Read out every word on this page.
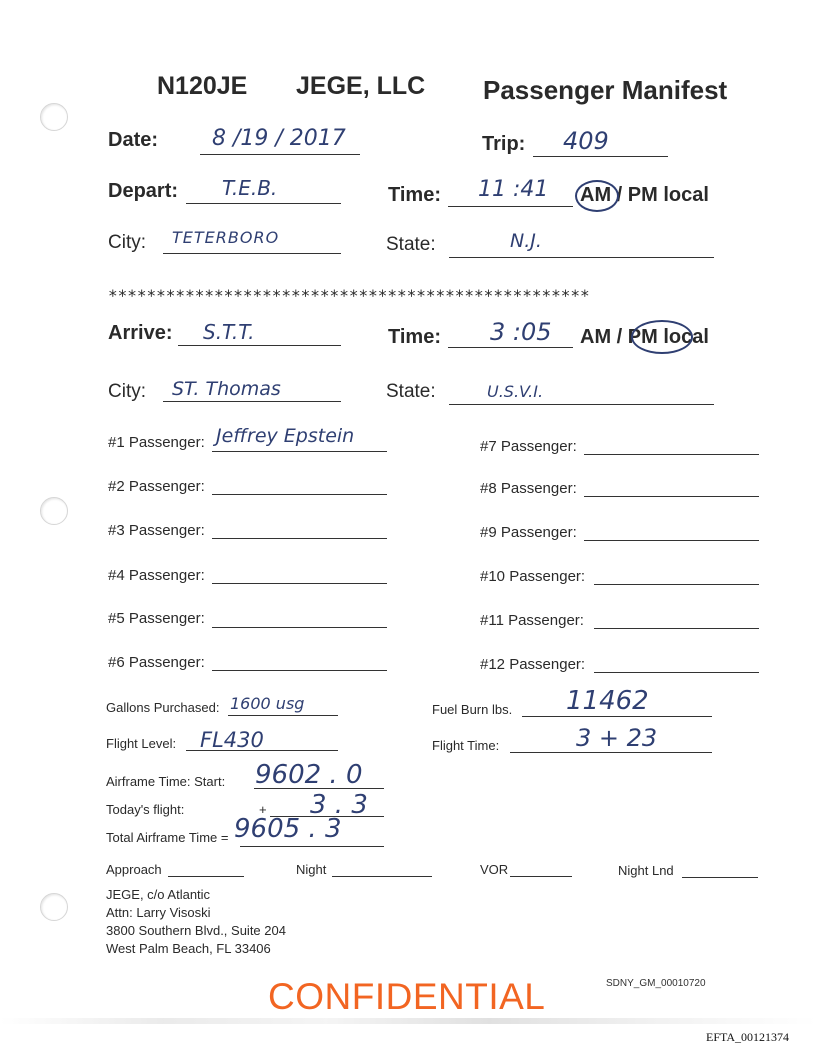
N120JE JEGE, LLC Passenger Manifest
Date: 8 /19 / 2017	Trip: 409
Depart: T.E.B.	Time: 11 :41 AM / PM local
City: TETERBORO	State:	N.J.
**************************************************
Arrive: S.T.T.	Time: 3 :05 AM / PM local
City: ST. Thomas	State:	U.S.V.I.
#1 Passenger: Jeffrey Epstein
#2 Passenger:
#3 Passenger:
#4 Passenger:
#5 Passenger:
#6 Passenger:
#7 Passenger:
#8 Passenger:
#9 Passenger:
#10 Passenger:
#11 Passenger:
#12 Passenger:
Gallons Purchased: 1600 usg	Fuel Burn lbs. 11462
Flight Level: FL430	Flight Time:	3 + 23
Airframe Time: Start: 9602 . 0
Today's flight:	+ 3 . 3
Total Airframe Time = 9605 . 3
Approach	Night	VOR	Night Lnd
JEGE, c/o Atlantic
Attn: Larry Visoski
3800 Southern Blvd., Suite 204
West Palm Beach, FL 33406
CONFIDENTIAL	SDNY_GM_00010720
EFTA_00121374
